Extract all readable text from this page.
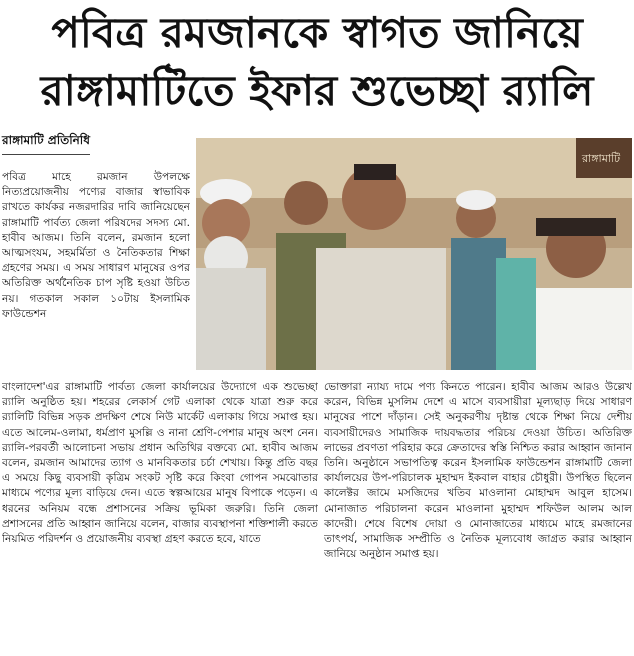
পবিত্র রমজানকে স্বাগত জানিয়ে
রাঙ্গামাটিতে ইফার শুভেচ্ছা র‍্যালি
রাঙ্গামাটি প্রতিনিধি
পবিত্র মাহে রমজান উপলক্ষে নিত্যপ্রয়োজনীয় পণ্যের বাজার স্বাভাবিক রাখতে কার্যকর নজরদারির দাবি জানিয়েছেন রাঙ্গামাটি পার্বত্য জেলা পরিষদের সদস্য মো. হাবীব আজম। তিনি বলেন, রমজান হলো আত্মসংযম, সহমর্মিতা ও নৈতিকতার শিক্ষা গ্রহণের সময়। এ সময় সাধারণ মানুষের ওপর অতিরিক্ত অর্থনৈতিক চাপ সৃষ্টি হওয়া উচিত নয়। গতকাল সকাল ১০টায় ইসলামিক ফাউন্ডেশন
রাঙ্গামাটি
বাংলাদেশ'এর রাঙ্গামাটি পার্বত্য জেলা কার্যালয়ের উদ্যোগে এক শুভেচ্ছা র‍্যালি অনুষ্ঠিত হয়। শহরের লেকার্স গেট এলাকা থেকে যাত্রা শুরু করে র‍্যালিটি বিভিন্ন সড়ক প্রদক্ষিণ শেষে নিউ মার্কেট এলাকায় গিয়ে সমাপ্ত হয়। এতে আলেম-ওলামা, ধর্মপ্রাণ মুসল্লি ও নানা শ্রেণি-পেশার মানুষ অংশ নেন। র‍্যালি-পরবর্তী আলোচনা সভায় প্রধান অতিথির বক্তব্যে মো. হাবীব আজম বলেন, রমজান আমাদের ত্যাগ ও মানবিকতার চর্চা শেখায়। কিন্তু প্রতি বছর এ সময়ে কিছু ব্যবসায়ী কৃত্রিম সংকট সৃষ্টি করে কিংবা গোপন সমঝোতার মাধ্যমে পণ্যের মূল্য বাড়িয়ে দেন। এতে স্বল্পআয়ের মানুষ বিপাকে পড়েন। এ ধরনের অনিয়ম বন্ধে প্রশাসনের সক্রিয় ভূমিকা জরুরি। তিনি জেলা প্রশাসনের প্রতি আহ্বান জানিয়ে বলেন, বাজার ব্যবস্থাপনা শক্তিশালী করতে নিয়মিত পরিদর্শন ও প্রয়োজনীয় ব্যবস্থা গ্রহণ করতে হবে, যাতে
ভোক্তারা ন্যায্য দামে পণ্য কিনতে পারেন। হাবীব আজম আরও উল্লেখ করেন, বিভিন্ন মুসলিম দেশে এ মাসে ব্যবসায়ীরা মূল্যছাড় দিয়ে সাধারণ মানুষের পাশে দাঁড়ান। সেই অনুকরণীয় দৃষ্টান্ত থেকে শিক্ষা নিয়ে দেশীয় ব্যবসায়ীদেরও সামাজিক দায়বদ্ধতার পরিচয় দেওয়া উচিত। অতিরিক্ত লাভের প্রবণতা পরিহার করে ক্রেতাদের স্বস্তি নিশ্চিত করার আহ্বান জানান তিনি। অনুষ্ঠানে সভাপতিত্ব করেন ইসলামিক ফাউন্ডেশন রাঙ্গামাটি জেলা কার্যালয়ের উপ-পরিচালক মুহাম্মদ ইকবাল বাহার চৌধুরী। উপস্থিত ছিলেন কালেক্টর জামে মসজিদের খতিব মাওলানা মোহাম্মদ আবুল হাসেম। মোনাজাত পরিচালনা করেন মাওলানা মুহাম্মদ শফিউল আলম আল কাদেরী। শেষে বিশেষ দোয়া ও মোনাজাতের মাধ্যমে মাহে রমজানের তাৎপর্য, সামাজিক সম্প্রীতি ও নৈতিক মূল্যবোধ জাগ্রত করার আহ্বান জানিয়ে অনুষ্ঠান সমাপ্ত হয়।
